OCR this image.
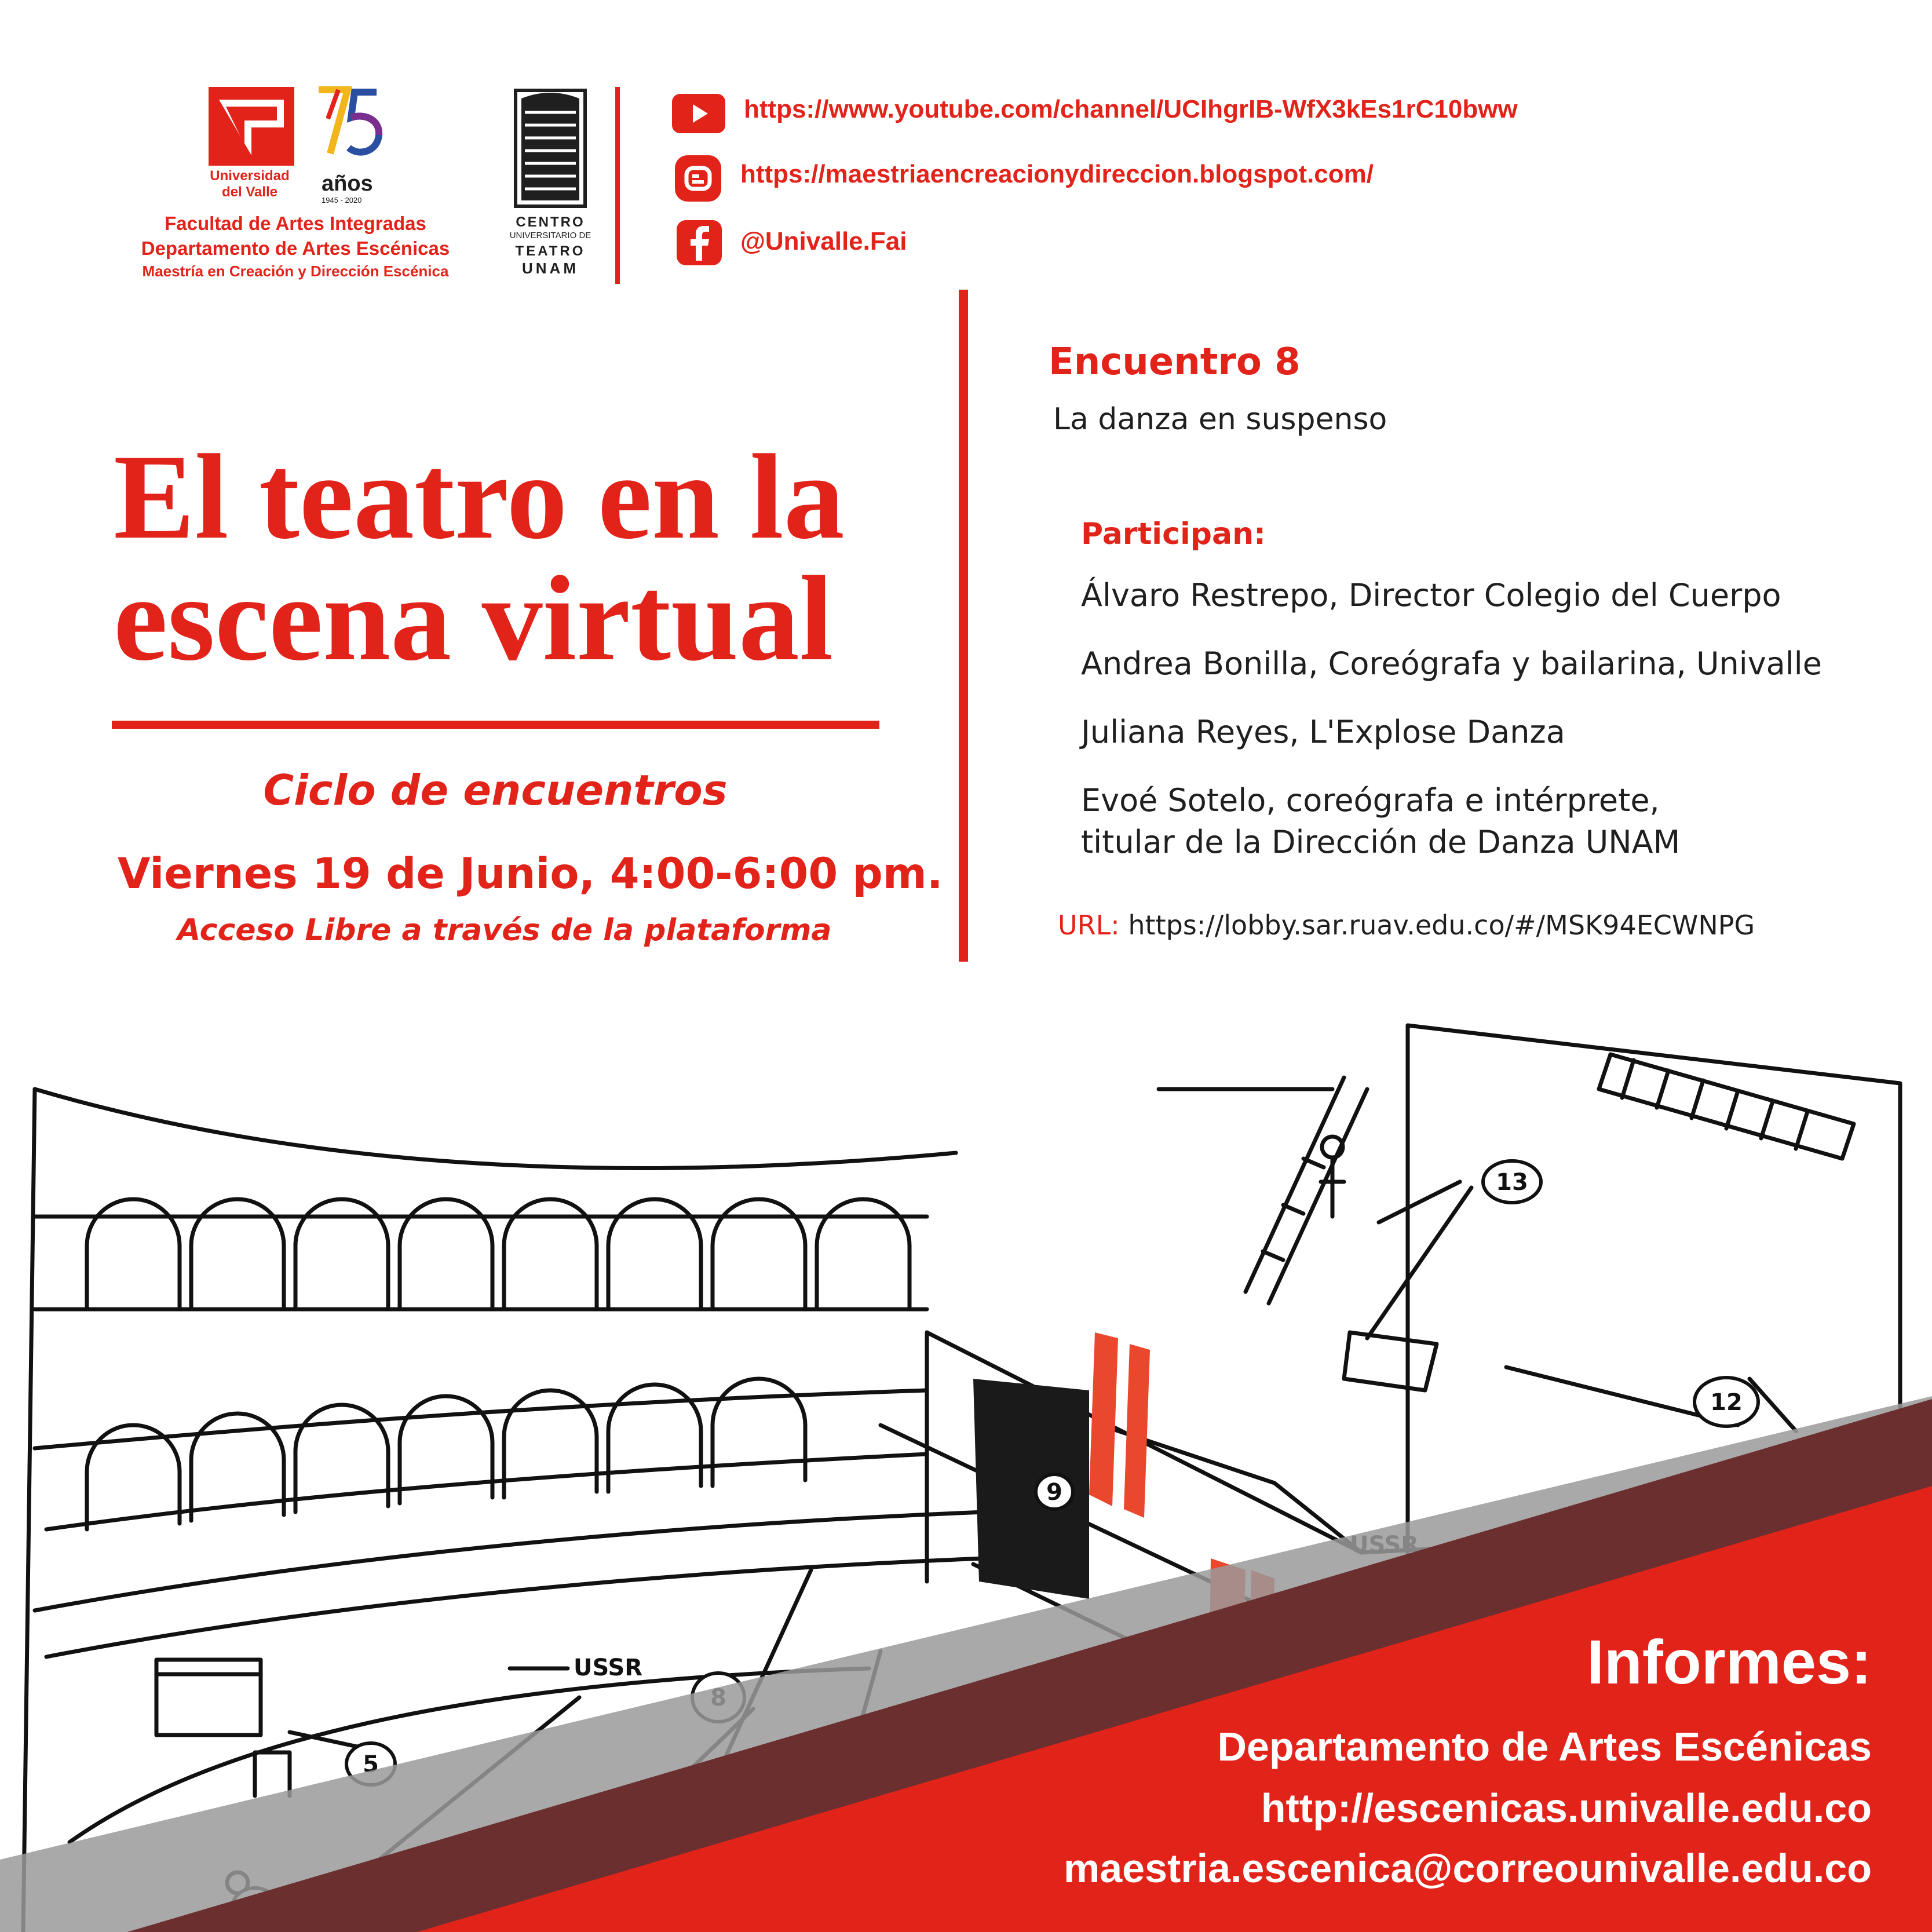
Universidad
del Valle	años
1945 - 2020
Facultad de Artes Integradas
Departamento de Artes Escénicas
Maestría en Creación y Dirección Escénica
CENTRO
UNIVERSITARIO DE
TEATRO
UNAM
https://www.youtube.com/channel/UCIhgrIB-WfX3kEs1rC10bww
https://maestriaencreacionydireccion.blogspot.com/
@Univalle.Fai
El teatro en la
escena virtual
Ciclo de encuentros
Viernes 19 de Junio, 4:00-6:00 pm.
Acceso Libre a través de la plataforma
Encuentro 8
La danza en suspenso
Participan:
Álvaro Restrepo, Director Colegio del Cuerpo
Andrea Bonilla, Coreógrafa y bailarina, Univalle
Juliana Reyes, L'Explose Danza
Evoé Sotelo, coreógrafa e intérprete,
titular de la Dirección de Danza UNAM
URL: https://lobby.sar.ruav.edu.co/#/MSK94ECWNPG
5
9
12
13
USSR	Informes:
Departamento de Artes Escénicas
http://escenicas.univalle.edu.co
maestria.escenica@correounivalle.edu.co
